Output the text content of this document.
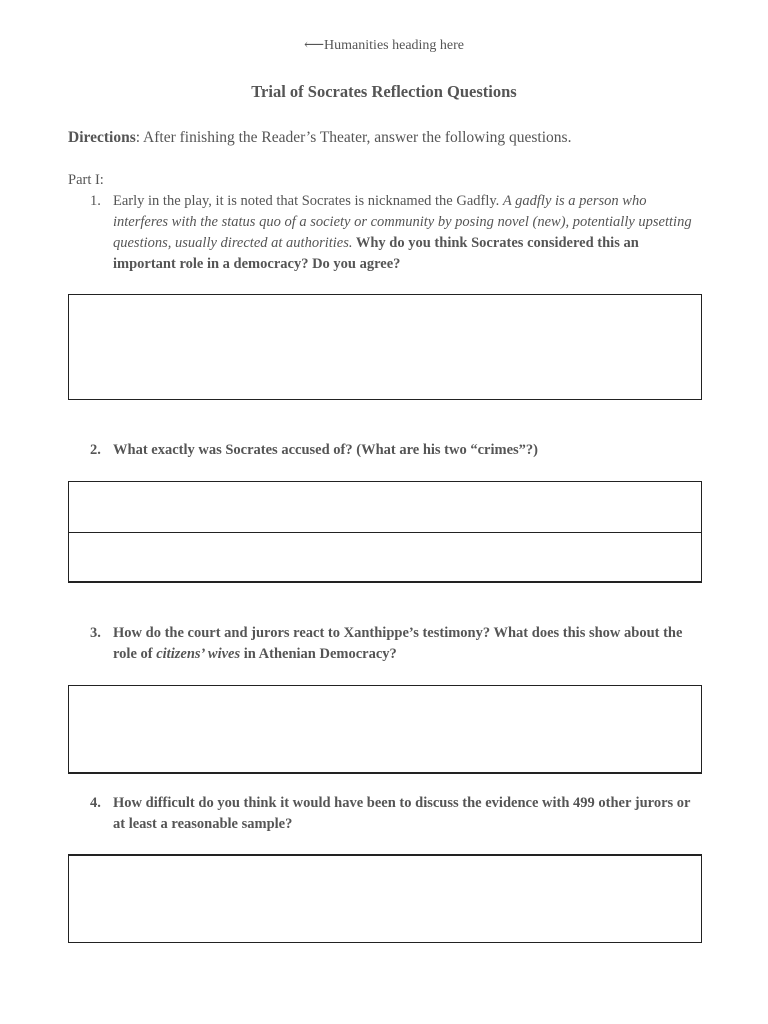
⟵Humanities heading here
Trial of Socrates Reflection Questions
Directions: After finishing the Reader’s Theater, answer the following questions.
Part I:
1. Early in the play, it is noted that Socrates is nicknamed the Gadfly. A gadfly is a person who interferes with the status quo of a society or community by posing novel (new), potentially upsetting questions, usually directed at authorities. Why do you think Socrates considered this an important role in a democracy? Do you agree?
2. What exactly was Socrates accused of? (What are his two “crimes”?)
3. How do the court and jurors react to Xanthippe’s testimony? What does this show about the role of citizens’ wives in Athenian Democracy?
4. How difficult do you think it would have been to discuss the evidence with 499 other jurors or at least a reasonable sample?
